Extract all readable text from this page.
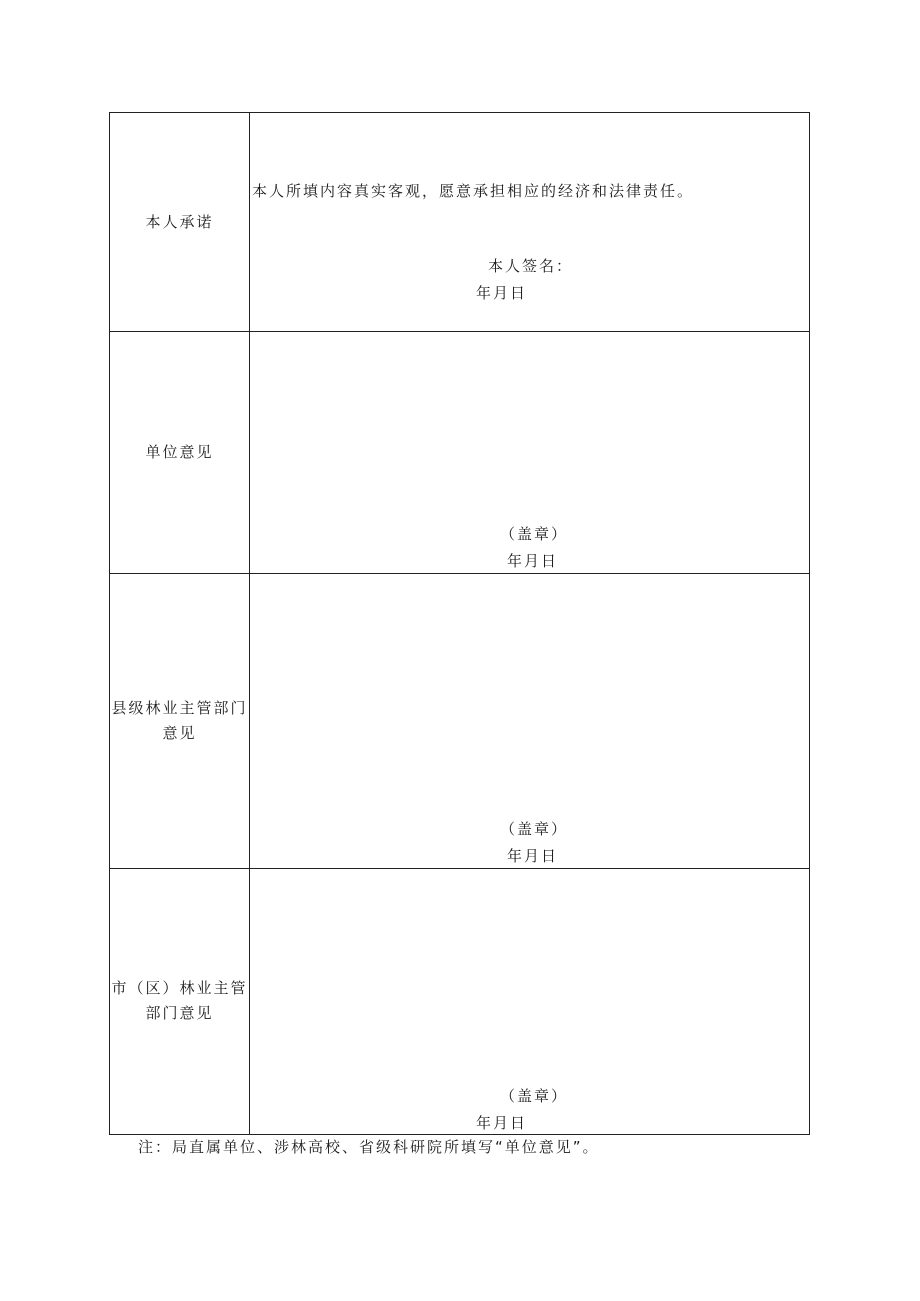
本人承诺
本人所填内容真实客观，愿意承担相应的经济和法律责任。
本人签名：
年月日
单位意见
（盖章）
年月日
县级林业主管部门
意见
（盖章）
年月日
市（区）林业主管
部门意见
（盖章）
年月日
注：局直属单位、涉林高校、省级科研院所填写“单位意见”。
